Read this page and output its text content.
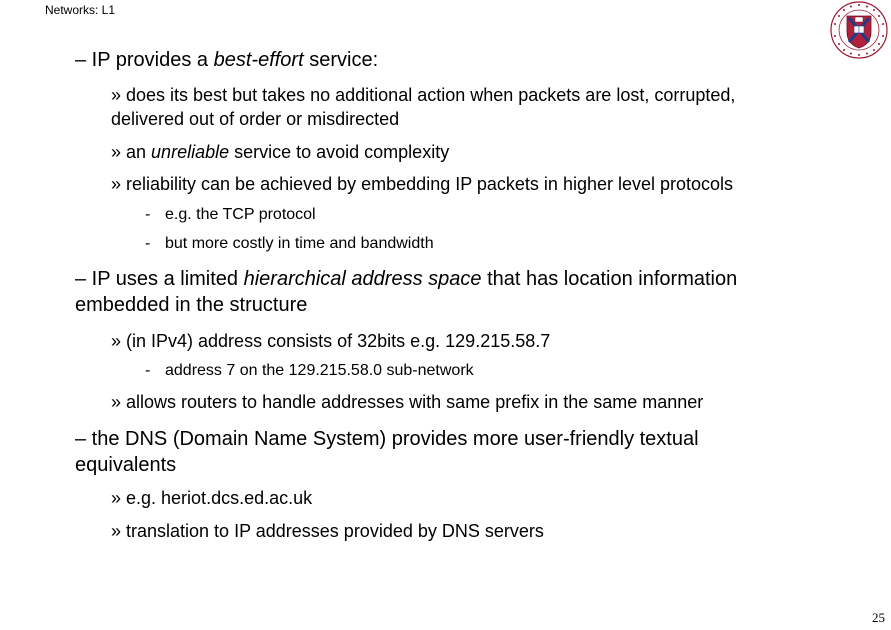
Networks: L1
– IP provides a best-effort service:
» does its best but takes no additional action when packets are lost, corrupted,
delivered out of order or misdirected
» an unreliable service to avoid complexity
» reliability can be achieved by embedding IP packets in higher level protocols
- e.g. the TCP protocol
- but more costly in time and bandwidth
– IP uses a limited hierarchical address space that has location information
embedded in the structure
» (in IPv4) address consists of 32bits e.g. 129.215.58.7
- address 7 on the 129.215.58.0 sub-network
» allows routers to handle addresses with same prefix in the same manner
– the DNS (Domain Name System) provides more user-friendly textual
equivalents
» e.g. heriot.dcs.ed.ac.uk
» translation to IP addresses provided by DNS servers
25
